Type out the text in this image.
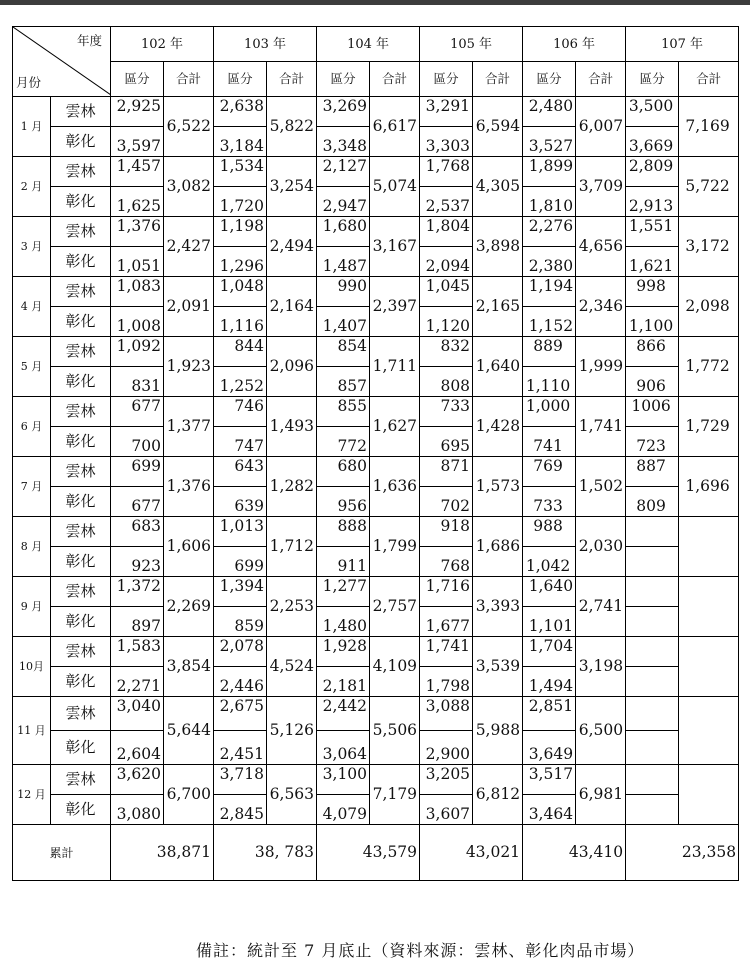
年度
月份		102 年		103 年		104 年		105 年		106 年		107 年	
		區分	合計	區分	合計	區分	合計	區分	合計	區分	合計	區分	合計
1 月	雲林	2,925	6,522	2,638	5,822	3,269	6,617	3,291	6,594	2,480	6,007	3,500	7,169
	彰化	3,597		3,184		3,348		3,303		3,527		3,669	
2 月	雲林	1,457	3,082	1,534	3,254	2,127	5,074	1,768	4,305	1,899	3,709	2,809	5,722
	彰化	1,625		1,720		2,947		2,537		1,810		2,913	
3 月	雲林	1,376	2,427	1,198	2,494	1,680	3,167	1,804	3,898	2,276	4,656	1,551	3,172
	彰化	1,051		1,296		1,487		2,094		2,380		1,621	
4 月	雲林	1,083	2,091	1,048	2,164	990	2,397	1,045	2,165	1,194	2,346	998	2,098
	彰化	1,008		1,116		1,407		1,120		1,152		1,100	
5 月	雲林	1,092	1,923	844	2,096	854	1,711	832	1,640	889	1,999	866	1,772
	彰化	831		1,252		857		808		1,110		906	
6 月	雲林	677	1,377	746	1,493	855	1,627	733	1,428	1,000	1,741	1006	1,729
	彰化	700		747		772		695		741		723	
7 月	雲林	699	1,376	643	1,282	680	1,636	871	1,573	769	1,502	887	1,696
	彰化	677		639		956		702		733		809	
8 月	雲林	683	1,606	1,013	1,712	888	1,799	918	1,686	988	2,030		
	彰化	923		699		911		768		1,042			
9 月	雲林	1,372	2,269	1,394	2,253	1,277	2,757	1,716	3,393	1,640	2,741		
	彰化	897		859		1,480		1,677		1,101			
10月	雲林	1,583	3,854	2,078	4,524	1,928	4,109	1,741	3,539	1,704	3,198		
	彰化	2,271		2,446		2,181		1,798		1,494			
11 月	雲林	3,040	5,644	2,675	5,126	2,442	5,506	3,088	5,988	2,851	6,500		
	彰化	2,604		2,451		3,064		2,900		3,649			
12 月	雲林	3,620	6,700	3,718	6,563	3,100	7,179	3,205	6,812	3,517	6,981		
	彰化	3,080		2,845		4,079		3,607		3,464			
累計		38,871		38, 783		43,579		43,021		43,410		23,358	
備註：統計至 7 月底止（資料來源：雲林、彰化肉品市場）
